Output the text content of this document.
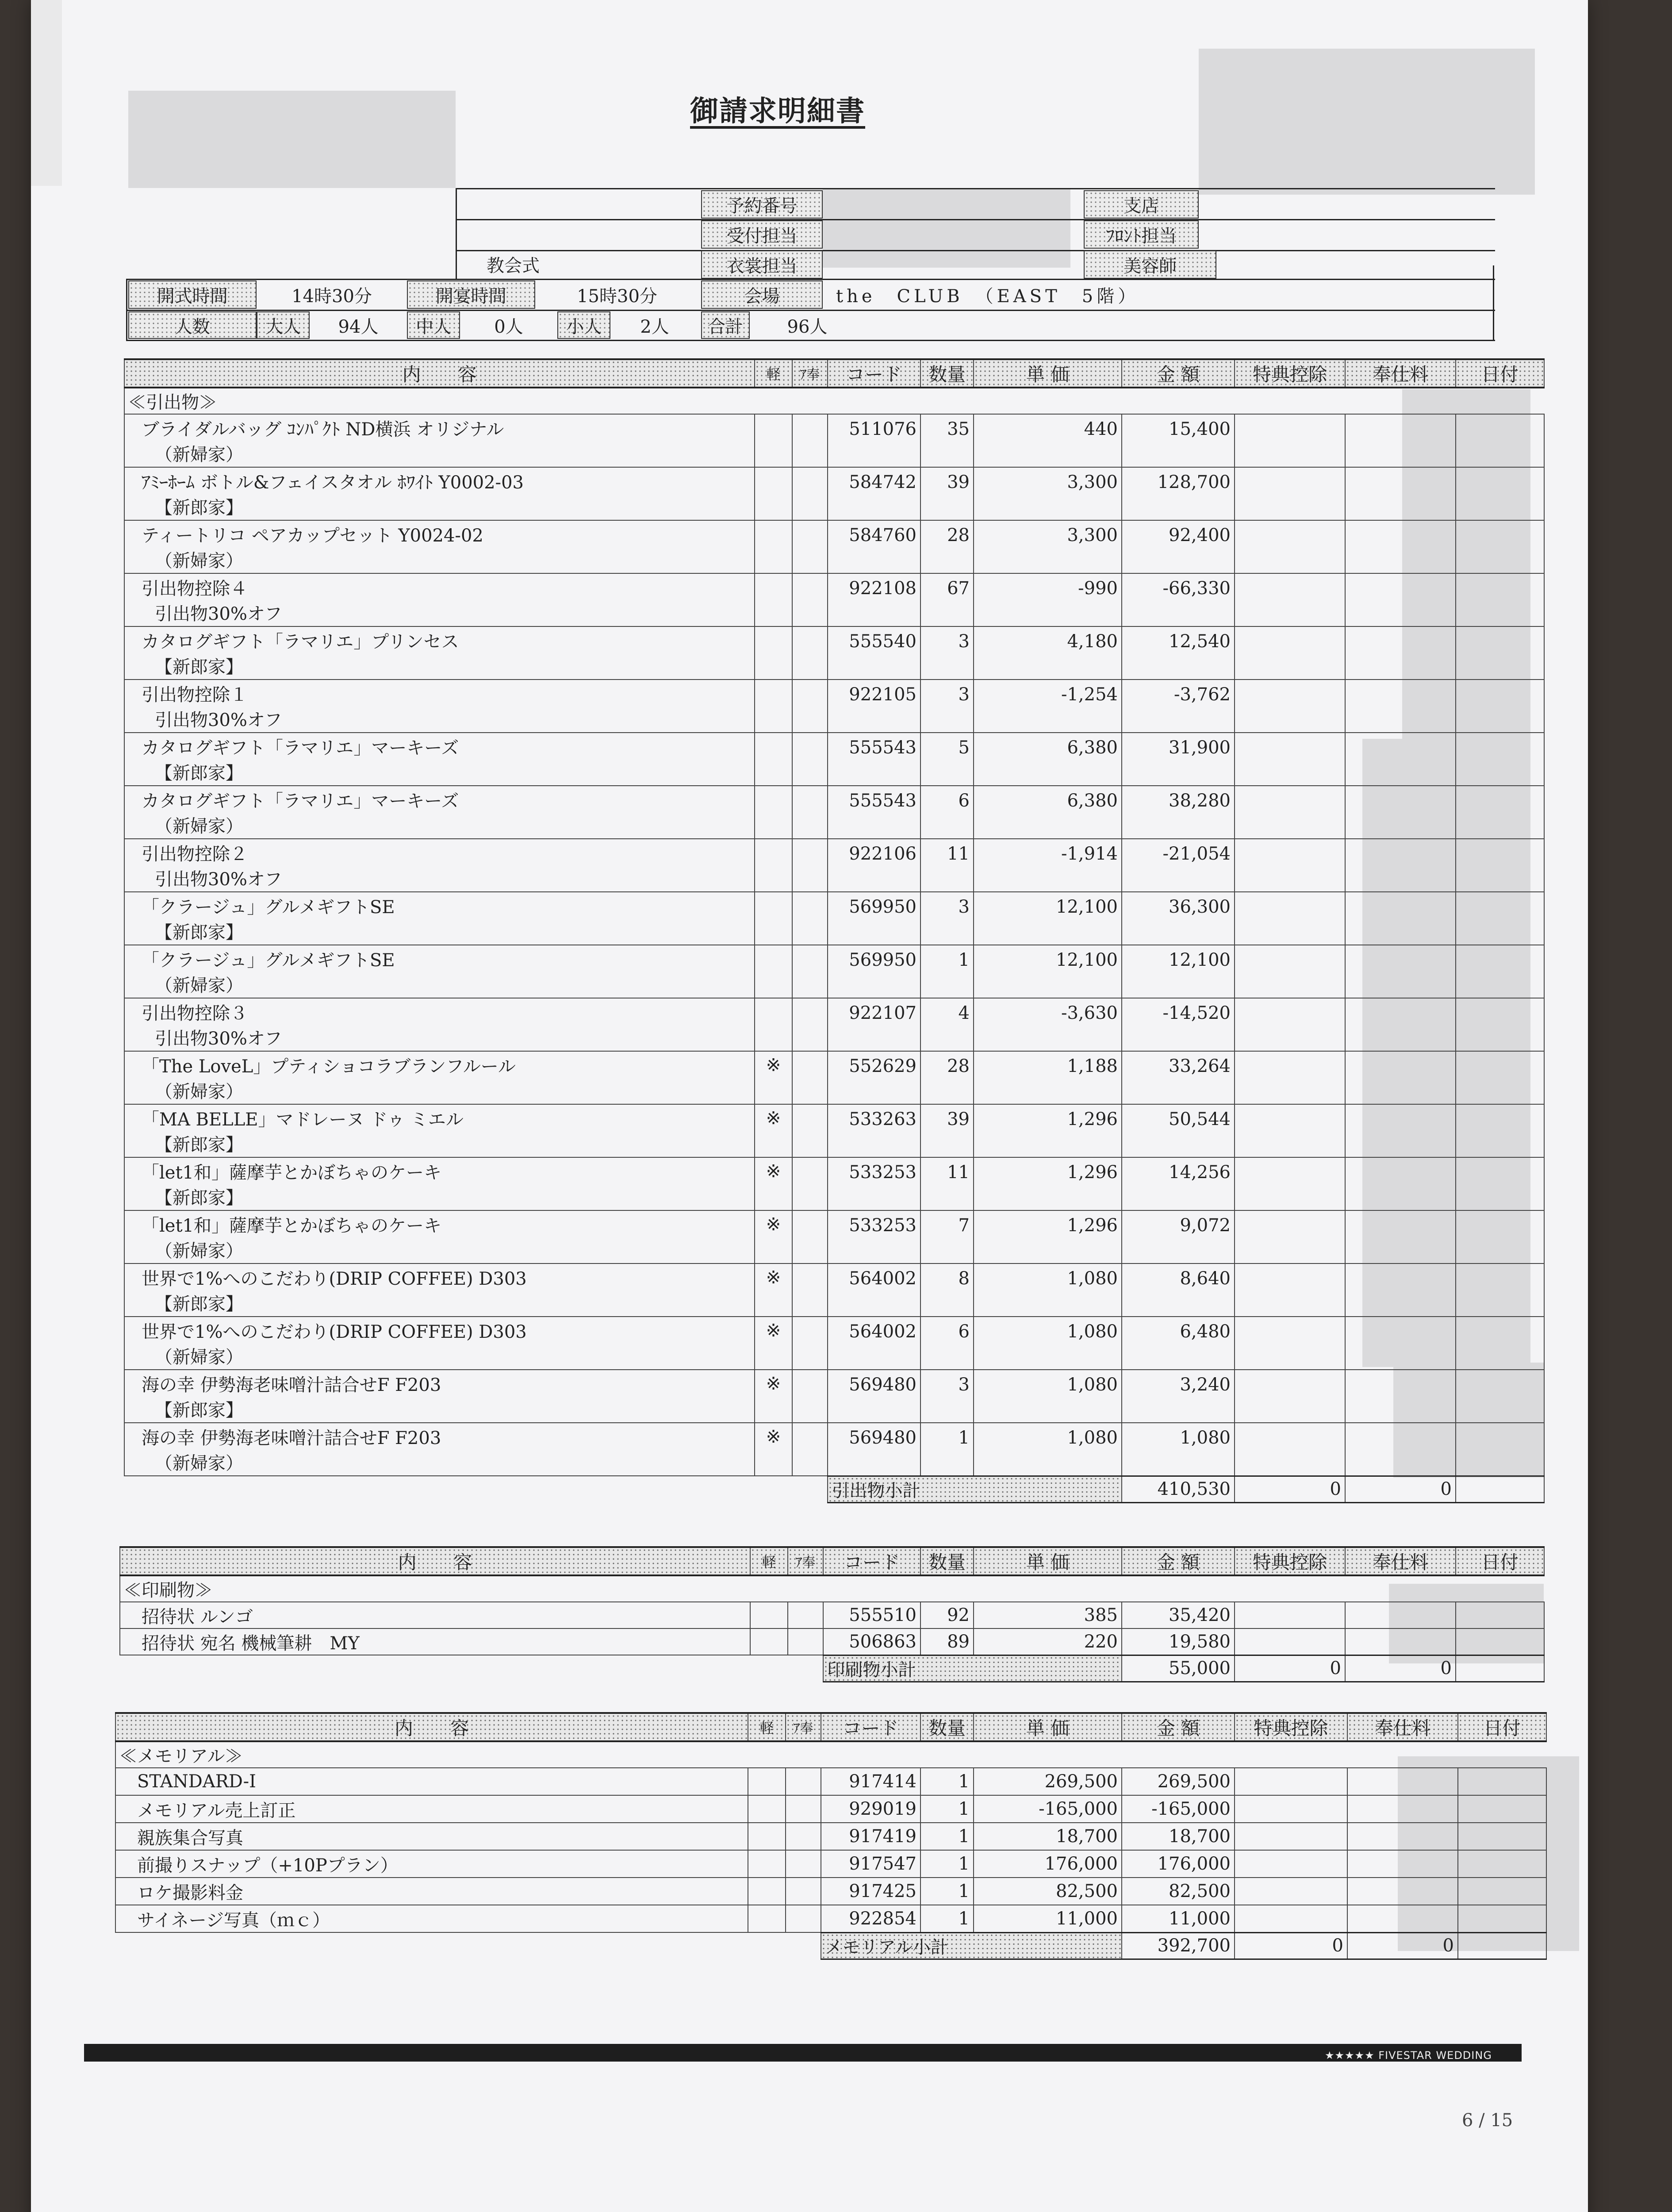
御請求明細書
教会式
予約番号
受付担当
衣裳担当
支店
ﾌﾛﾝﾄ担当
美容師
開式時間	14時30分	開宴時間	15時30分	会場	the　CLUB　（EAST　5階）
人数	大人	94人	中人	0人	小人	2人	合計	96人
内　　容	軽	ｱ奉	コード	数量	単 価	金 額	特典控除	奉仕料	日付
≪引出物≫									

ブライダルバッグ ｺﾝﾊﾟｸﾄ ND横浜 オリジナル
（新婦家）			511076	35	440	15,400			

ｱﾐｰﾎｰﾑ ボトル&フェイスタオル ﾎﾜｲﾄ Y0002-03
【新郎家】			584742	39	3,300	128,700			

ティートリコ ペアカップセット Y0024-02
（新婦家）			584760	28	3,300	92,400			

引出物控除４
引出物30%オフ			922108	67	-990	-66,330			

カタログギフト「ラマリエ」プリンセス
【新郎家】			555540	3	4,180	12,540			

引出物控除１
引出物30%オフ			922105	3	-1,254	-3,762			

カタログギフト「ラマリエ」マーキーズ
【新郎家】			555543	5	6,380	31,900			

カタログギフト「ラマリエ」マーキーズ
（新婦家）			555543	6	6,380	38,280			

引出物控除２
引出物30%オフ			922106	11	-1,914	-21,054			

「クラージュ」グルメギフトSE
【新郎家】			569950	3	12,100	36,300			

「クラージュ」グルメギフトSE
（新婦家）			569950	1	12,100	12,100			

引出物控除３
引出物30%オフ			922107	4	-3,630	-14,520			

「The LoveL」プティショコラブランフルール
（新婦家）	※		552629	28	1,188	33,264			

「MA BELLE」マドレーヌ ドゥ ミエル
【新郎家】	※		533263	39	1,296	50,544			

「let1和」薩摩芋とかぼちゃのケーキ
【新郎家】	※		533253	11	1,296	14,256			

「let1和」薩摩芋とかぼちゃのケーキ
（新婦家）	※		533253	7	1,296	9,072			

世界で1%へのこだわり(DRIP COFFEE) D303
【新郎家】	※		564002	8	1,080	8,640			

世界で1%へのこだわり(DRIP COFFEE) D303
（新婦家）	※		564002	6	1,080	6,480			

海の幸 伊勢海老味噌汁詰合せF F203
【新郎家】	※		569480	3	1,080	3,240			

海の幸 伊勢海老味噌汁詰合せF F203
（新婦家）	※		569480	1	1,080	1,080			
			引出物小計			410,530	0	0	
内　　容	軽	ｱ奉	コード	数量	単 価	金 額	特典控除	奉仕料	日付
≪印刷物≫									

招待状 ルンゴ			555510	92	385	35,420			

招待状 宛名 機械筆耕　MY			506863	89	220	19,580			
			印刷物小計			55,000	0	0	
内　　容	軽	ｱ奉	コード	数量	単 価	金 額	特典控除	奉仕料	日付
≪メモリアル≫									

STANDARD-Ⅰ			917414	1	269,500	269,500			

メモリアル売上訂正			929019	1	-165,000	-165,000			

親族集合写真			917419	1	18,700	18,700			

前撮りスナップ（+10Pプラン）			917547	1	176,000	176,000			

ロケ撮影料金			917425	1	82,500	82,500			

サイネージ写真（ｍｃ）			922854	1	11,000	11,000			
			メモリアル小計			392,700	0	0	
★★★★★ FIVESTAR WEDDING
6 / 15
